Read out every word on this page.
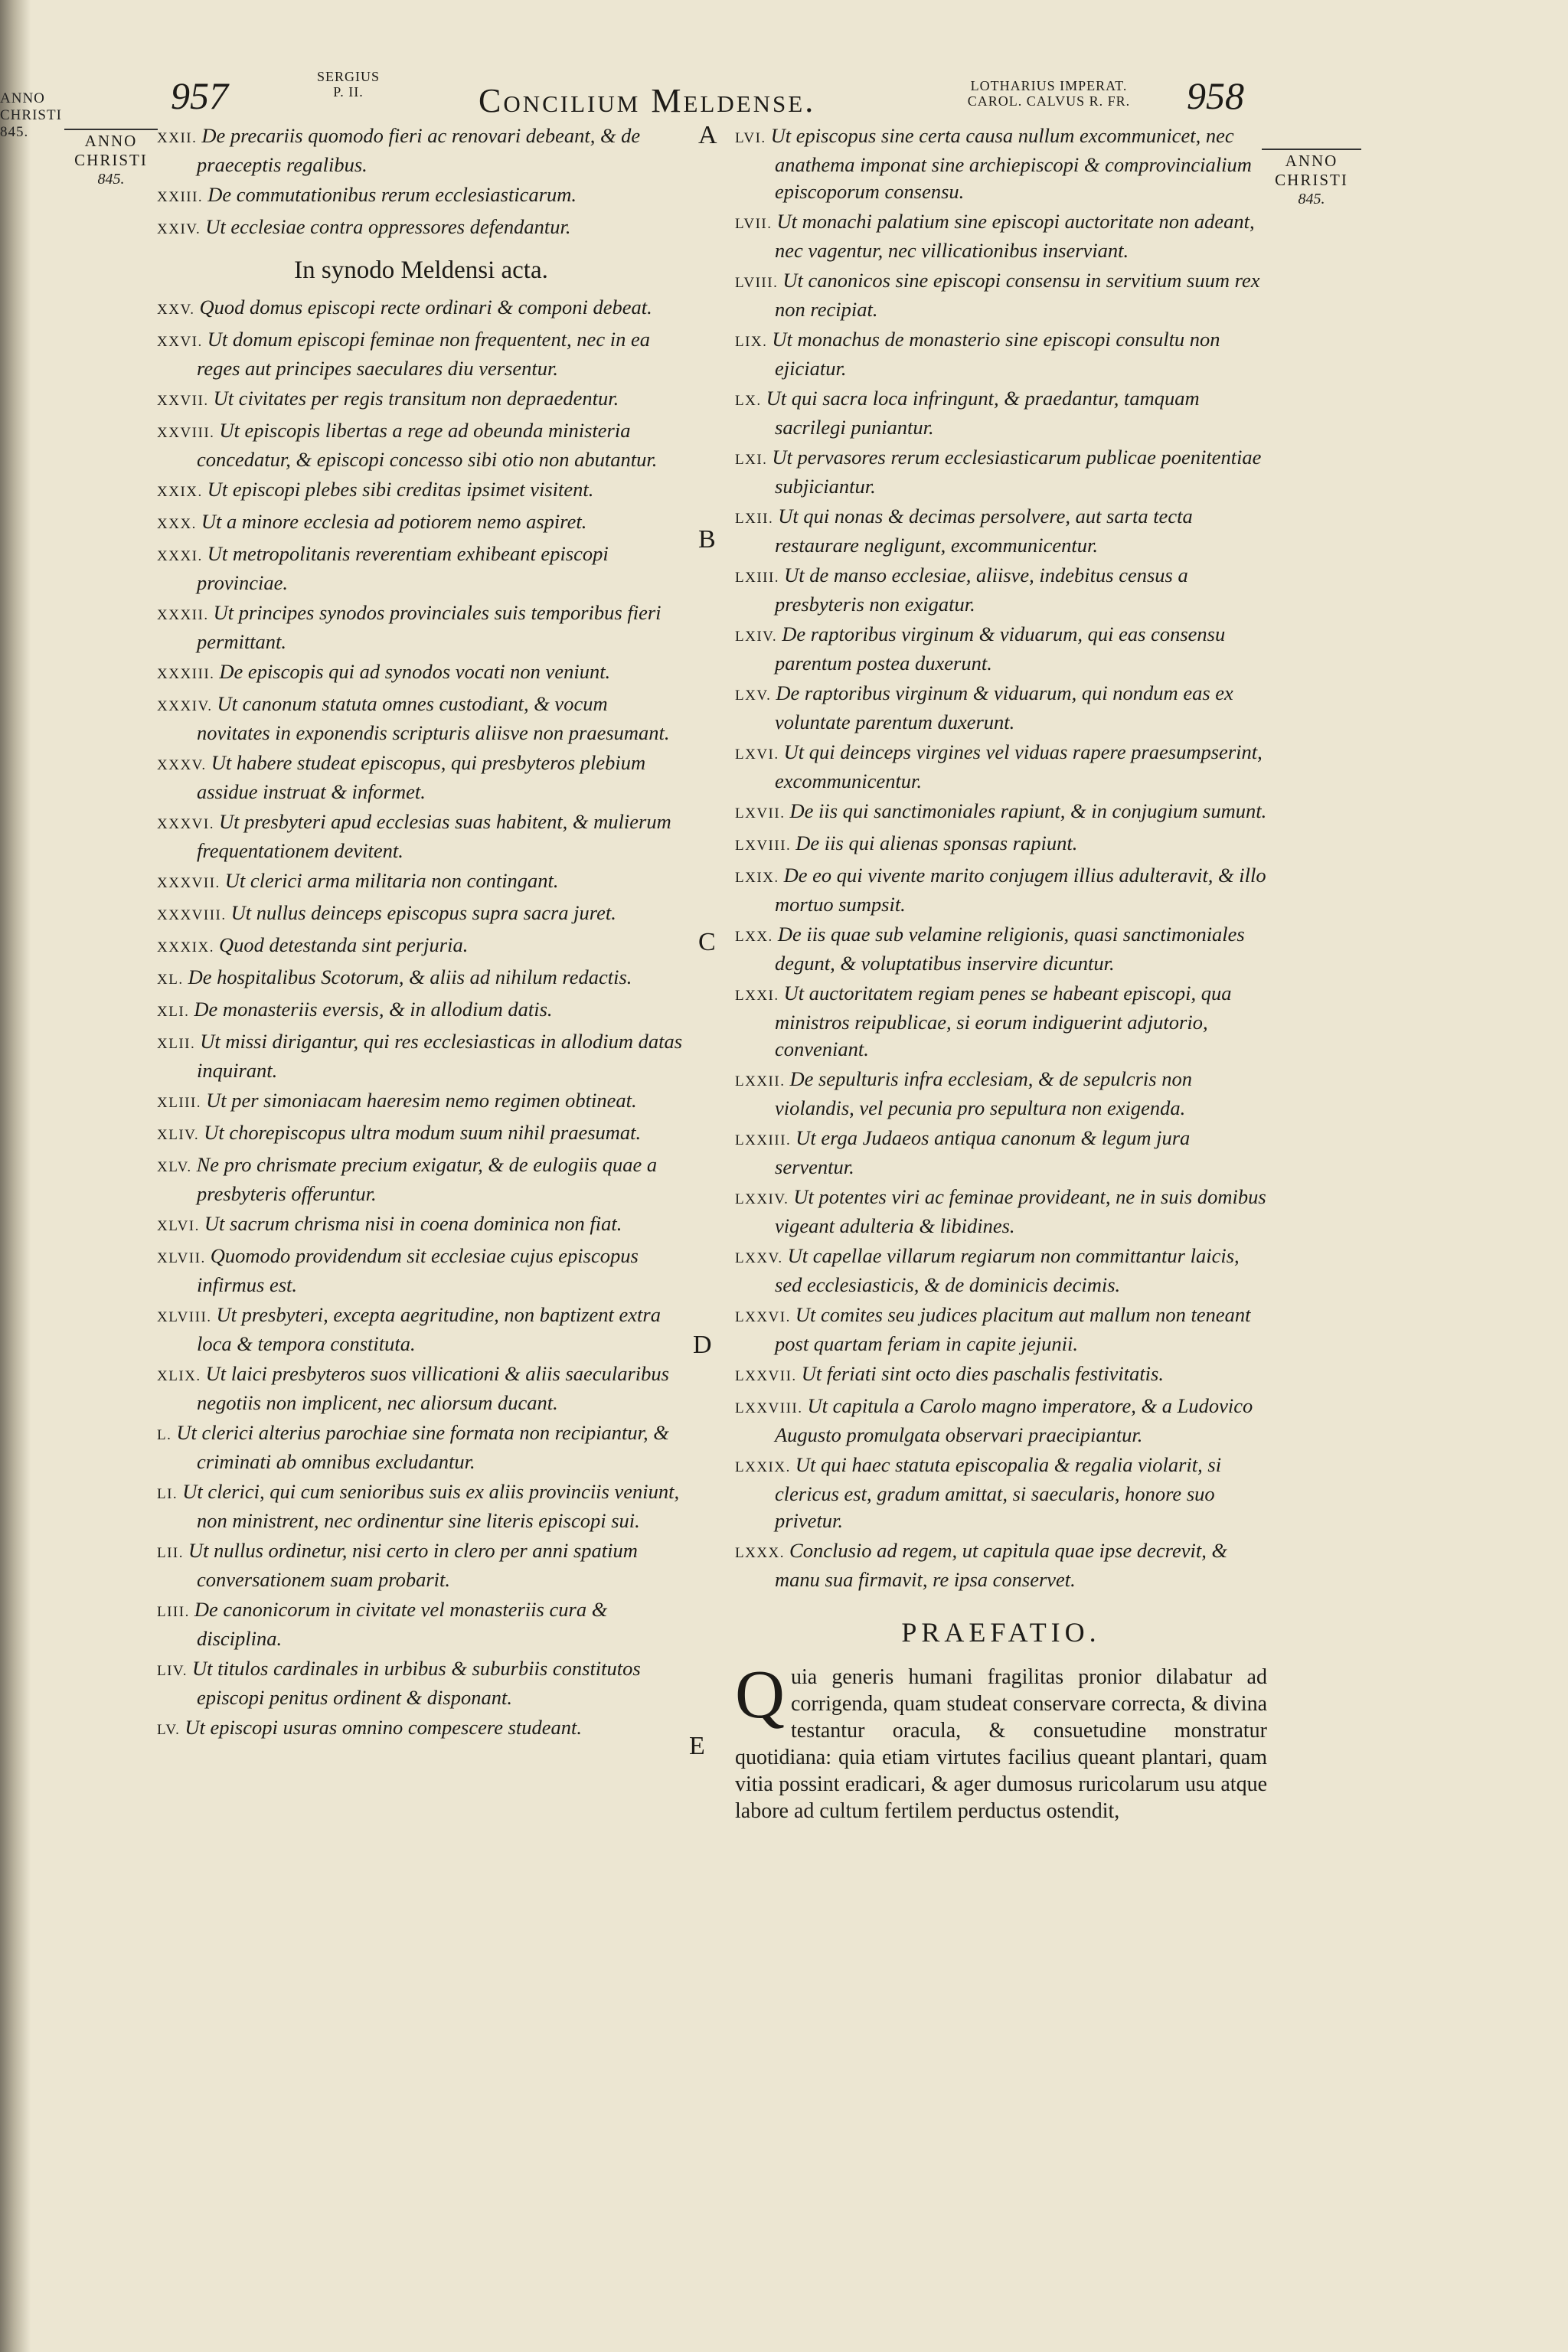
ANNO
CHRISTI
845.
957	SERGIUS
P. II.	Concilium Meldense.	LOTHARIUS IMPERAT.
CAROL. CALVUS R. FR.	958
ANNO
CHRISTI
845.
ANNO
CHRISTI
845.
A
B
C
D
E
XXII. De precariis quomodo fieri ac renovari debeant, & de praeceptis regalibus.
XXIII. De commutationibus rerum ecclesiasticarum.
XXIV. Ut ecclesiae contra oppressores defendantur.
In synodo Meldensi acta.
XXV. Quod domus episcopi recte ordinari & componi debeat.
XXVI. Ut domum episcopi feminae non frequentent, nec in ea reges aut principes saeculares diu versentur.
XXVII. Ut civitates per regis transitum non depraedentur.
XXVIII. Ut episcopis libertas a rege ad obeunda ministeria concedatur, & episcopi concesso sibi otio non abutantur.
XXIX. Ut episcopi plebes sibi creditas ipsimet visitent.
XXX. Ut a minore ecclesia ad potiorem nemo aspiret.
XXXI. Ut metropolitanis reverentiam exhibeant episcopi provinciae.
XXXII. Ut principes synodos provinciales suis temporibus fieri permittant.
XXXIII. De episcopis qui ad synodos vocati non veniunt.
XXXIV. Ut canonum statuta omnes custodiant, & vocum novitates in exponendis scripturis aliisve non praesumant.
XXXV. Ut habere studeat episcopus, qui presbyteros plebium assidue instruat & informet.
XXXVI. Ut presbyteri apud ecclesias suas habitent, & mulierum frequentationem devitent.
XXXVII. Ut clerici arma militaria non contingant.
XXXVIII. Ut nullus deinceps episcopus supra sacra juret.
XXXIX. Quod detestanda sint perjuria.
XL. De hospitalibus Scotorum, & aliis ad nihilum redactis.
XLI. De monasteriis eversis, & in allodium datis.
XLII. Ut missi dirigantur, qui res ecclesiasticas in allodium datas inquirant.
XLIII. Ut per simoniacam haeresim nemo regimen obtineat.
XLIV. Ut chorepiscopus ultra modum suum nihil praesumat.
XLV. Ne pro chrismate precium exigatur, & de eulogiis quae a presbyteris offeruntur.
XLVI. Ut sacrum chrisma nisi in coena dominica non fiat.
XLVII. Quomodo providendum sit ecclesiae cujus episcopus infirmus est.
XLVIII. Ut presbyteri, excepta aegritudine, non baptizent extra loca & tempora constituta.
XLIX. Ut laici presbyteros suos villicationi & aliis saecularibus negotiis non implicent, nec aliorsum ducant.
L. Ut clerici alterius parochiae sine formata non recipiantur, & criminati ab omnibus excludantur.
LI. Ut clerici, qui cum senioribus suis ex aliis provinciis veniunt, non ministrent, nec ordinentur sine literis episcopi sui.
LII. Ut nullus ordinetur, nisi certo in clero per anni spatium conversationem suam probarit.
LIII. De canonicorum in civitate vel monasteriis cura & disciplina.
LIV. Ut titulos cardinales in urbibus & suburbiis constitutos episcopi penitus ordinent & disponant.
LV. Ut episcopi usuras omnino compescere studeant.
LVI. Ut episcopus sine certa causa nullum excommunicet, nec anathema imponat sine archiepiscopi & comprovincialium episcoporum consensu.
LVII. Ut monachi palatium sine episcopi auctoritate non adeant, nec vagentur, nec villicationibus inserviant.
LVIII. Ut canonicos sine episcopi consensu in servitium suum rex non recipiat.
LIX. Ut monachus de monasterio sine episcopi consultu non ejiciatur.
LX. Ut qui sacra loca infringunt, & praedantur, tamquam sacrilegi puniantur.
LXI. Ut pervasores rerum ecclesiasticarum publicae poenitentiae subjiciantur.
LXII. Ut qui nonas & decimas persolvere, aut sarta tecta restaurare negligunt, excommunicentur.
LXIII. Ut de manso ecclesiae, aliisve, indebitus census a presbyteris non exigatur.
LXIV. De raptoribus virginum & viduarum, qui eas consensu parentum postea duxerunt.
LXV. De raptoribus virginum & viduarum, qui nondum eas ex voluntate parentum duxerunt.
LXVI. Ut qui deinceps virgines vel viduas rapere praesumpserint, excommunicentur.
LXVII. De iis qui sanctimoniales rapiunt, & in conjugium sumunt.
LXVIII. De iis qui alienas sponsas rapiunt.
LXIX. De eo qui vivente marito conjugem illius adulteravit, & illo mortuo sumpsit.
LXX. De iis quae sub velamine religionis, quasi sanctimoniales degunt, & voluptatibus inservire dicuntur.
LXXI. Ut auctoritatem regiam penes se habeant episcopi, qua ministros reipublicae, si eorum indiguerint adjutorio, conveniant.
LXXII. De sepulturis infra ecclesiam, & de sepulcris non violandis, vel pecunia pro sepultura non exigenda.
LXXIII. Ut erga Judaeos antiqua canonum & legum jura serventur.
LXXIV. Ut potentes viri ac feminae provideant, ne in suis domibus vigeant adulteria & libidines.
LXXV. Ut capellae villarum regiarum non committantur laicis, sed ecclesiasticis, & de dominicis decimis.
LXXVI. Ut comites seu judices placitum aut mallum non teneant post quartam feriam in capite jejunii.
LXXVII. Ut feriati sint octo dies paschalis festivitatis.
LXXVIII. Ut capitula a Carolo magno imperatore, & a Ludovico Augusto promulgata observari praecipiantur.
LXXIX. Ut qui haec statuta episcopalia & regalia violarit, si clericus est, gradum amittat, si saecularis, honore suo privetur.
LXXX. Conclusio ad regem, ut capitula quae ipse decrevit, & manu sua firmavit, re ipsa conservet.
PRAEFATIO.
Quia generis humani fragilitas pronior dilabatur ad corrigenda, quam studeat conservare correcta, & divina testantur oracula, & consuetudine monstratur quotidiana: quia etiam virtutes facilius queant plantari, quam vitia possint eradicari, & ager dumosus ruricolarum usu atque labore ad cultum fertilem perductus ostendit,
